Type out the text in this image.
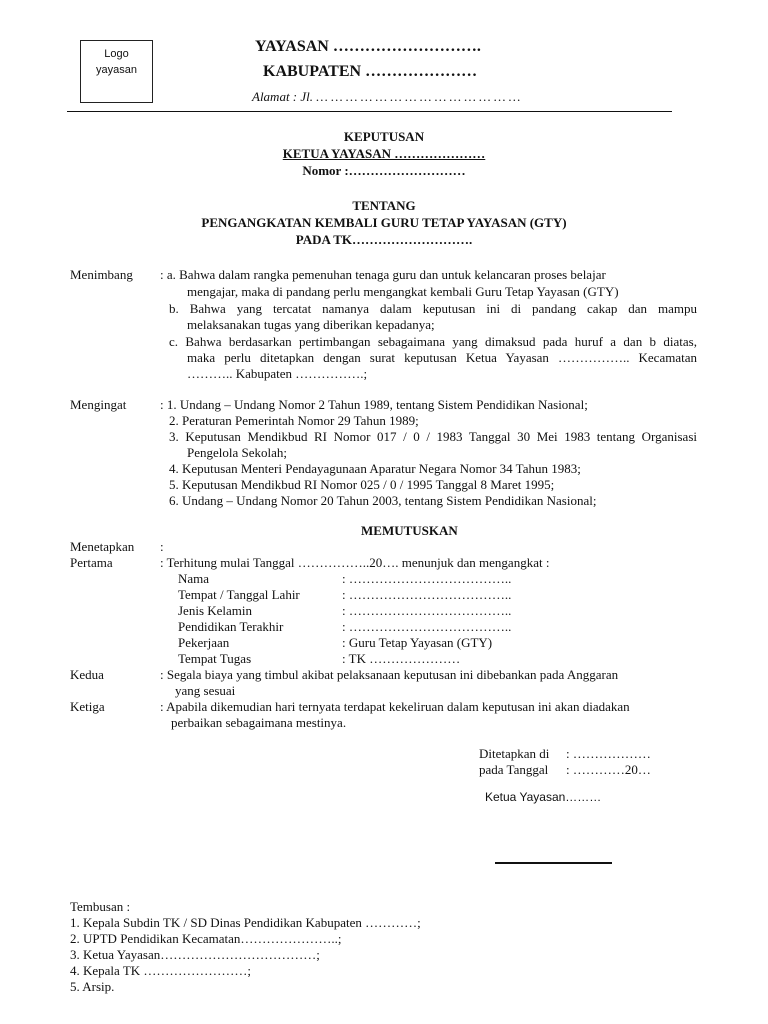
Logo
yayasan
YAYASAN ……………………….
KABUPATEN …………………
Alamat : Jl. … … … … … … … … … … … … … …
KEPUTUSAN
KETUA YAYASAN …………………
Nomor :………………………
TENTANG
PENGANGKATAN KEMBALI GURU TETAP YAYASAN (GTY)
PADA TK……………………….
Menimbang : a. Bahwa dalam rangka pemenuhan tenaga guru dan untuk kelancaran proses belajar
mengajar, maka di pandang perlu mengangkat kembali Guru Tetap Yayasan (GTY)
b. Bahwa yang tercatat namanya dalam keputusan ini di pandang cakap dan mampu
melaksanakan tugas yang diberikan kepadanya;
c. Bahwa berdasarkan pertimbangan sebagaimana yang dimaksud pada huruf a dan b diatas,
maka perlu ditetapkan dengan surat keputusan Ketua Yayasan …………….. Kecamatan
……….. Kabupaten …………….;
Mengingat	: 1. Undang – Undang Nomor 2 Tahun 1989, tentang Sistem Pendidikan Nasional;
2. Peraturan Pemerintah Nomor 29 Tahun 1989;
3. Keputusan Mendikbud RI Nomor 017 / 0 / 1983 Tanggal 30 Mei 1983 tentang Organisasi
Pengelola Sekolah;
4. Keputusan Menteri Pendayagunaan Aparatur Negara Nomor 34 Tahun 1983;
5. Keputusan Mendikbud RI Nomor 025 / 0 / 1995 Tanggal 8 Maret 1995;
6. Undang – Undang Nomor 20 Tahun 2003, tentang Sistem Pendidikan Nasional;
MEMUTUSKAN
Menetapkan :
Pertama	: Terhitung mulai Tanggal ……………..20…. menunjuk dan mengangkat :
Nama	: ………………………………..
Tempat / Tanggal Lahir	: ………………………………..
Jenis Kelamin	: ………………………………..
Pendidikan Terakhir	: ………………………………..
Pekerjaan	: Guru Tetap Yayasan (GTY)
Tempat Tugas	: TK …………………
Kedua	: Segala biaya yang timbul akibat pelaksanaan keputusan ini dibebankan pada Anggaran
yang sesuai
Ketiga	: Apabila dikemudian hari ternyata terdapat kekeliruan dalam keputusan ini akan diadakan
perbaikan sebagaimana mestinya.
Ditetapkan di : ………………
pada Tanggal : …………20…
Ketua Yayasan………
Tembusan :
1. Kepala Subdin TK / SD Dinas Pendidikan Kabupaten …………;
2. UPTD Pendidikan Kecamatan…………………..;
3. Ketua Yayasan………………………………;
4. Kepala TK ……………………;
5. Arsip.
